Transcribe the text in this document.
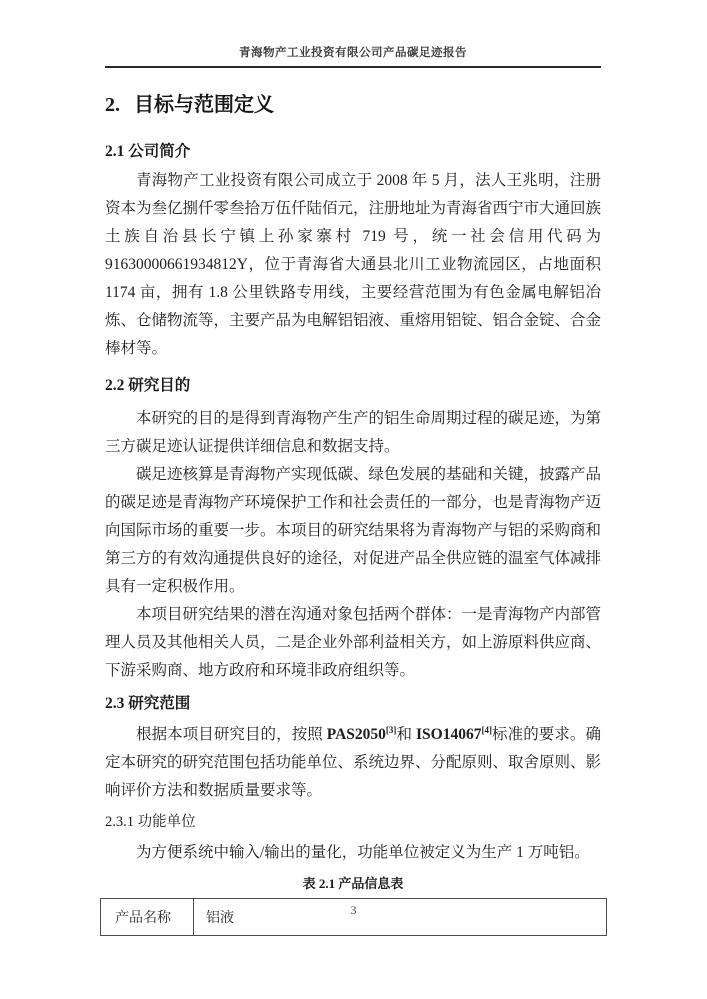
青海物产工业投资有限公司产品碳足迹报告
2. 目标与范围定义
2.1 公司简介

青海物产工业投资有限公司成立于 2008 年 5 月，法人王兆明，注册资本为叁亿捌仟零叁拾万伍仟陆佰元，注册地址为青海省西宁市大通回族土族自治县长宁镇上孙家寨村 719 号，统一社会信用代码为 91630000661934812Y，位于青海省大通县北川工业物流园区，占地面积 1174 亩，拥有 1.8 公里铁路专用线，主要经营范围为有色金属电解铝冶炼、仓储物流等，主要产品为电解铝铝液、重熔用铝锭、铝合金锭、合金棒材等。

2.2 研究目的

本研究的目的是得到青海物产生产的铝生命周期过程的碳足迹，为第三方碳足迹认证提供详细信息和数据支持。

碳足迹核算是青海物产实现低碳、绿色发展的基础和关键，披露产品的碳足迹是青海物产环境保护工作和社会责任的一部分，也是青海物产迈向国际市场的重要一步。本项目的研究结果将为青海物产与铝的采购商和第三方的有效沟通提供良好的途径，对促进产品全供应链的温室气体减排具有一定积极作用。

本项目研究结果的潜在沟通对象包括两个群体：一是青海物产内部管理人员及其他相关人员，二是企业外部利益相关方，如上游原料供应商、下游采购商、地方政府和环境非政府组织等。

2.3 研究范围

根据本项目研究目的，按照 PAS2050[3]和 ISO14067[4]标准的要求。确定本研究的研究范围包括功能单位、系统边界、分配原则、取舍原则、影响评价方法和数据质量要求等。

2.3.1 功能单位

为方便系统中输入/输出的量化，功能单位被定义为生产 1 万吨铝。

表 2.1 产品信息表
产品名称	铝液
3
